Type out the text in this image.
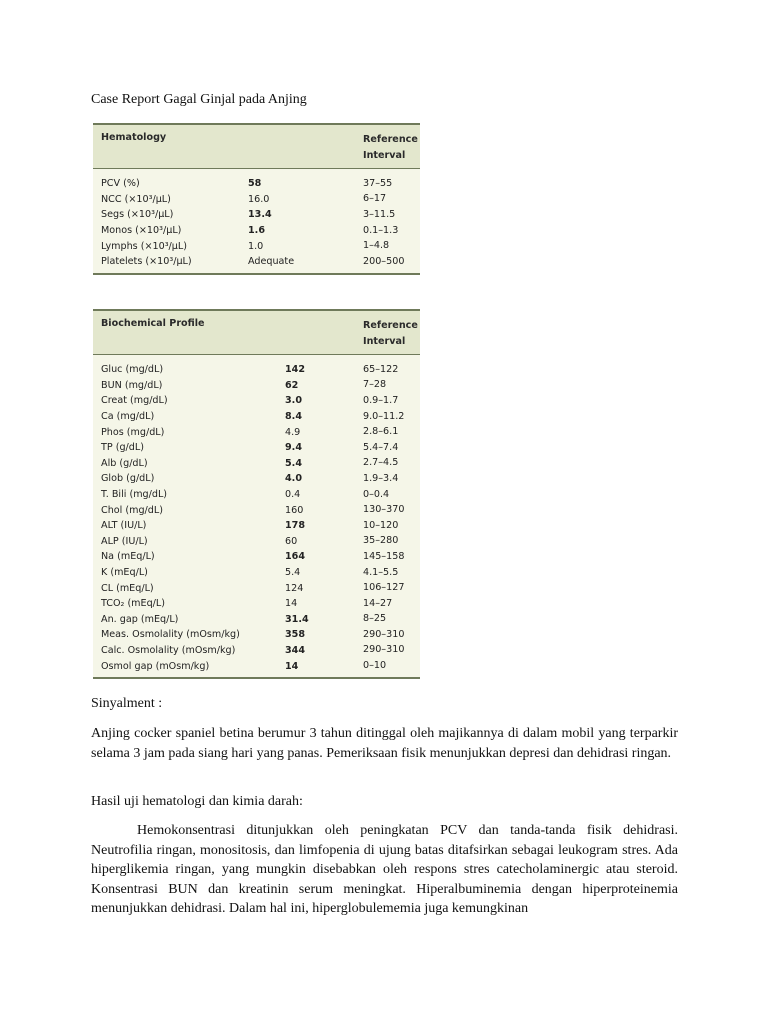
Case Report Gagal Ginjal pada Anjing
Hematology	Reference
Interval
PCV (%)	58	37–55
NCC (×10³/µL)	16.0	6–17
Segs (×10³/µL)	13.4	3–11.5
Monos (×10³/µL)	1.6	0.1–1.3
Lymphs (×10³/µL)	1.0	1–4.8
Platelets (×10³/µL)	Adequate	200–500
Biochemical Profile	Reference
Interval
Gluc (mg/dL)	142	65–122
BUN (mg/dL)	62	7–28
Creat (mg/dL)	3.0	0.9–1.7
Ca (mg/dL)	8.4	9.0–11.2
Phos (mg/dL)	4.9	2.8–6.1
TP (g/dL)	9.4	5.4–7.4
Alb (g/dL)	5.4	2.7–4.5
Glob (g/dL)	4.0	1.9–3.4
T. Bili (mg/dL)	0.4	0–0.4
Chol (mg/dL)	160	130–370
ALT (IU/L)	178	10–120
ALP (IU/L)	60	35–280
Na (mEq/L)	164	145–158
K (mEq/L)	5.4	4.1–5.5
CL (mEq/L)	124	106–127
TCO₂ (mEq/L)	14	14–27
An. gap (mEq/L)	31.4	8–25
Meas. Osmolality (mOsm/kg)	358	290–310
Calc. Osmolality (mOsm/kg)	344	290–310
Osmol gap (mOsm/kg)	14	0–10
Sinyalment :
Anjing cocker spaniel betina berumur 3 tahun ditinggal oleh majikannya di dalam mobil yang terparkir selama 3 jam pada siang hari yang panas. Pemeriksaan fisik menunjukkan depresi dan dehidrasi ringan.
Hasil uji hematologi dan kimia darah:
Hemokonsentrasi ditunjukkan oleh peningkatan PCV dan tanda-tanda fisik dehidrasi. Neutrofilia ringan, monositosis, dan limfopenia di ujung batas ditafsirkan sebagai leukogram stres. Ada hiperglikemia ringan, yang mungkin disebabkan oleh respons stres catecholaminergic atau steroid. Konsentrasi BUN dan kreatinin serum meningkat. Hiperalbuminemia dengan hiperproteinemia menunjukkan dehidrasi. Dalam hal ini, hiperglobulememia juga kemungkinan
